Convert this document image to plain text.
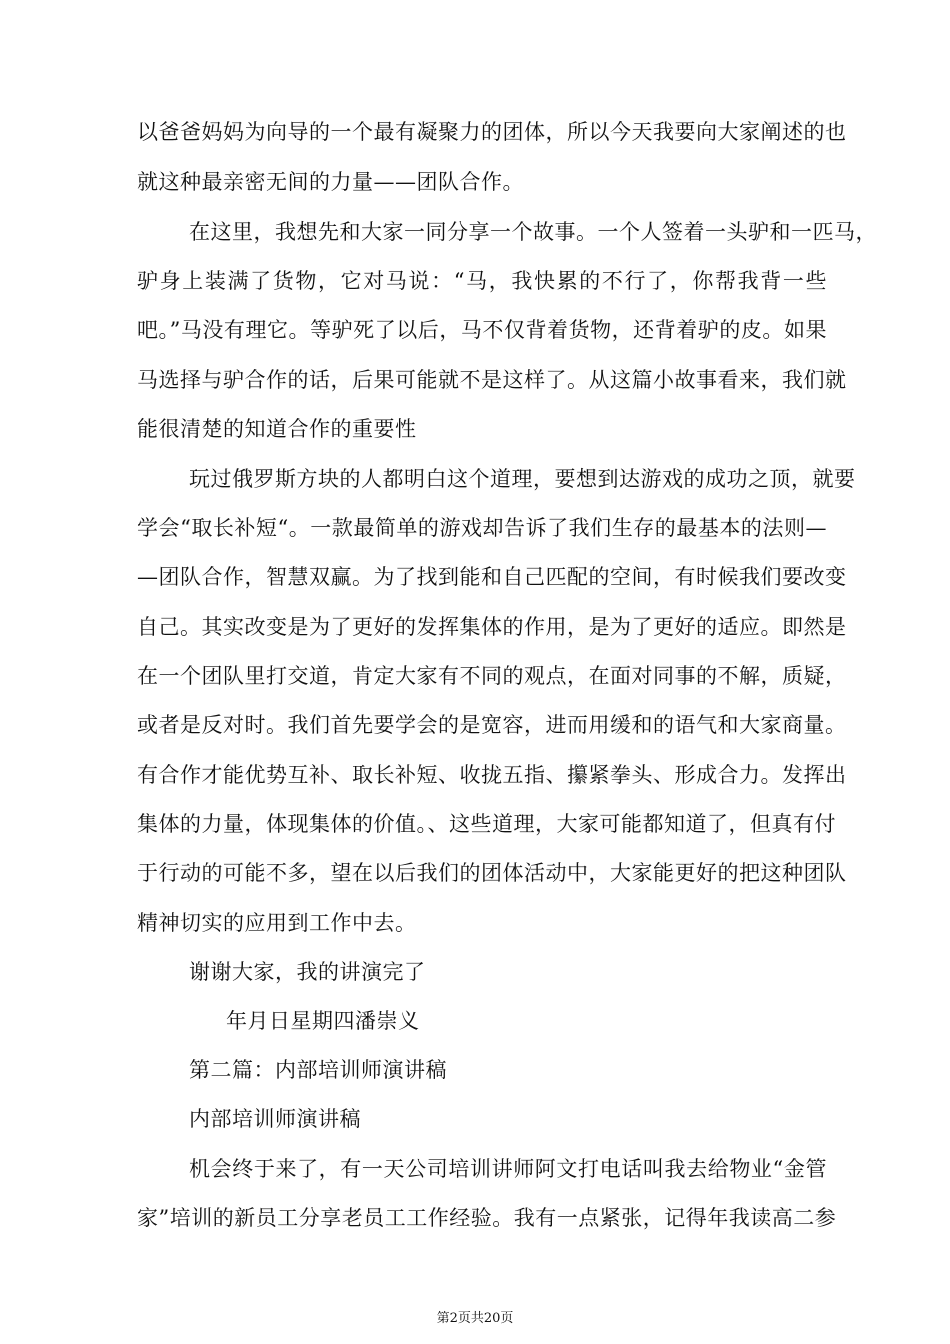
以爸爸妈妈为向导的一个最有凝聚力的团体，所以今天我要向大家阐述的也
就这种最亲密无间的力量——团队合作。
在这里，我想先和大家一同分享一个故事。一个人签着一头驴和一匹马，
驴身上装满了货物，它对马说：“马，我快累的不行了，你帮我背一些
吧。”马没有理它。等驴死了以后，马不仅背着货物，还背着驴的皮。如果
马选择与驴合作的话，后果可能就不是这样了。从这篇小故事看来，我们就
能很清楚的知道合作的重要性
玩过俄罗斯方块的人都明白这个道理，要想到达游戏的成功之顶，就要
学会“取长补短“。一款最简单的游戏却告诉了我们生存的最基本的法则—
—团队合作，智慧双赢。为了找到能和自己匹配的空间，有时候我们要改变
自己。其实改变是为了更好的发挥集体的作用，是为了更好的适应。即然是
在一个团队里打交道，肯定大家有不同的观点，在面对同事的不解，质疑，
或者是反对时。我们首先要学会的是宽容，进而用缓和的语气和大家商量。
有合作才能优势互补、取长补短、收拢五指、攥紧拳头、形成合力。发挥出
集体的力量，体现集体的价值。、这些道理，大家可能都知道了，但真有付
于行动的可能不多，望在以后我们的团体活动中，大家能更好的把这种团队
精神切实的应用到工作中去。
谢谢大家，我的讲演完了
年月日星期四潘崇义
第二篇：内部培训师演讲稿
内部培训师演讲稿
机会终于来了，有一天公司培训讲师阿文打电话叫我去给物业“金管
家”培训的新员工分享老员工工作经验。我有一点紧张，记得年我读高二参
第2页共20页
